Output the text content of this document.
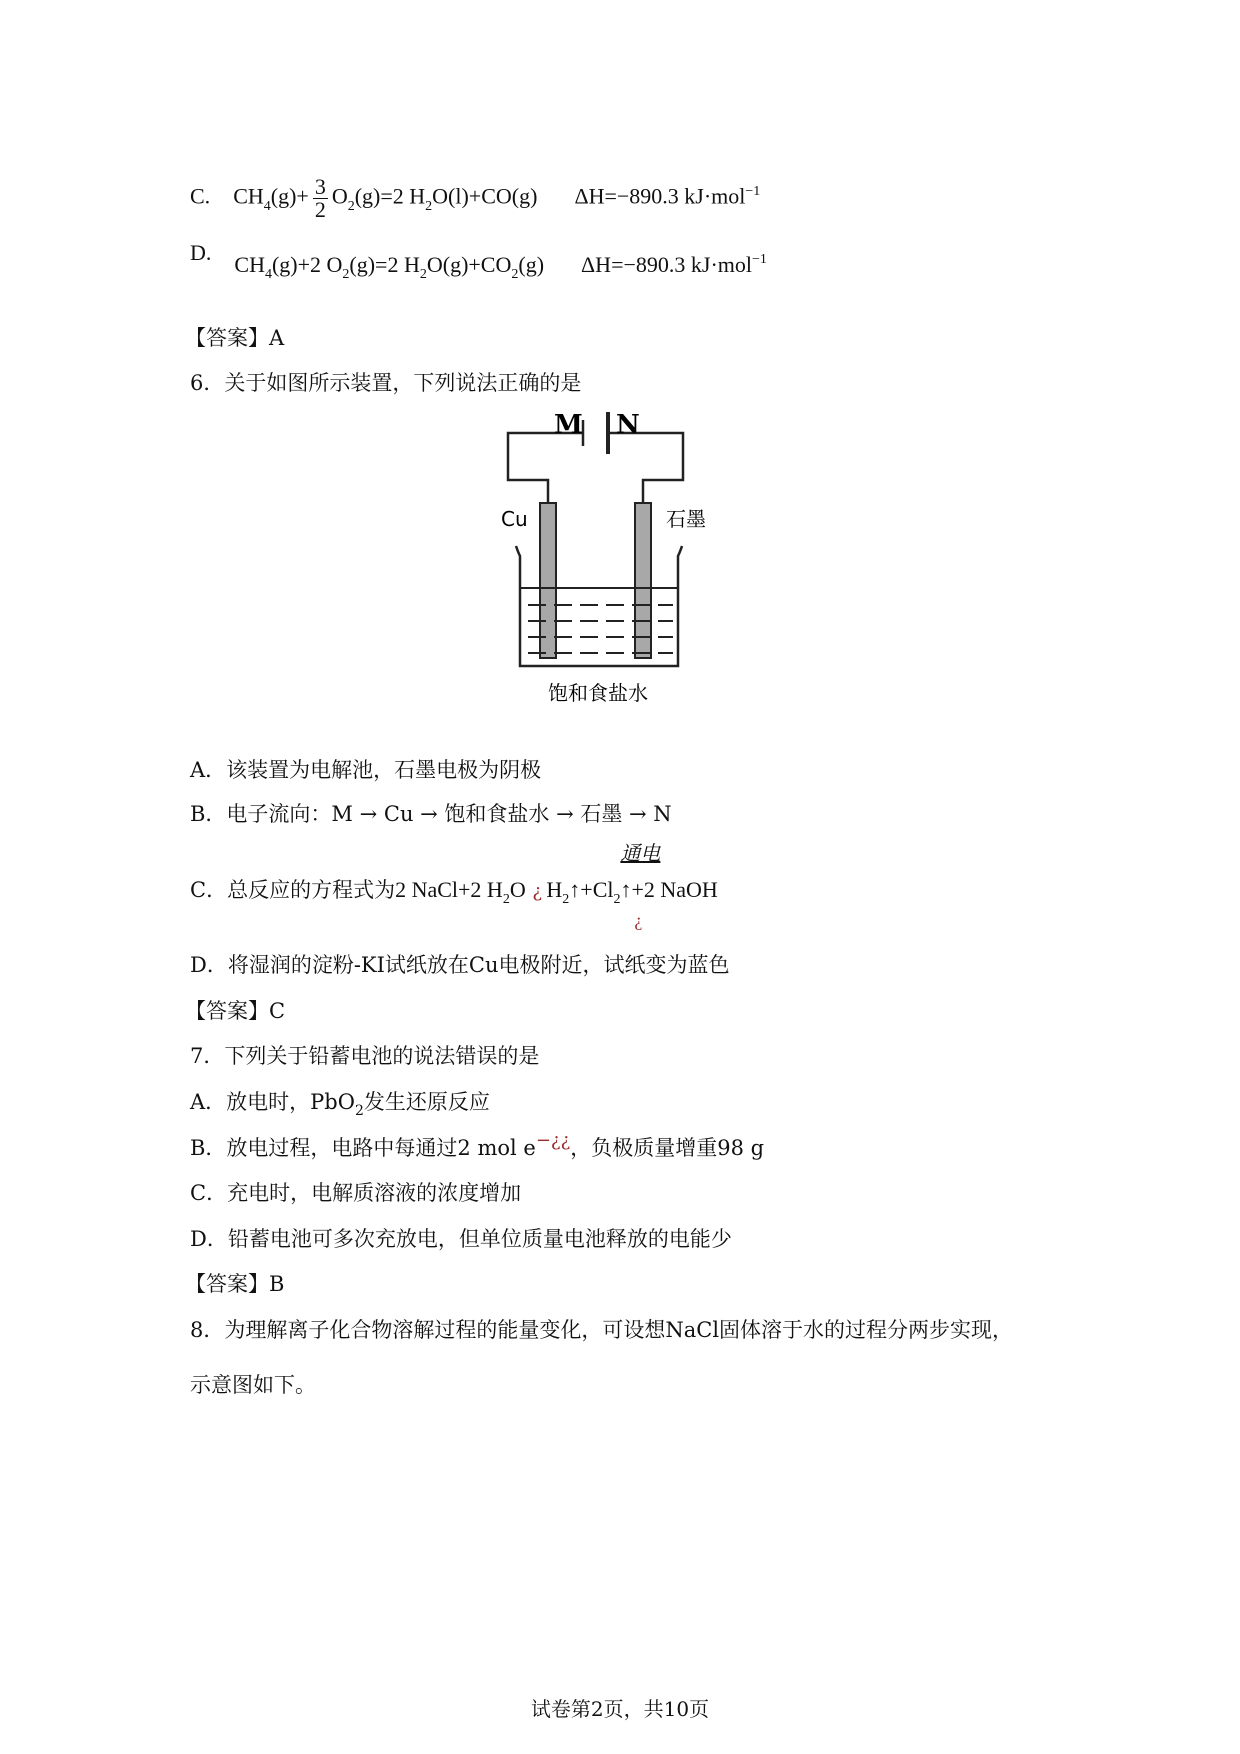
C. $CH_4(g)+ \frac{3}{2} O_2(g)=2$ $H_2O(l)+CO(g)$ ΔH=−890.3 kJ·mol$^{-1}$
D. $CH_4(g)+2$ $O_2(g)=2$ $H_2O(g)+CO_2(g)$ ΔH=−890.3 kJ·mol$^{-1}$
【答案】A
6．关于如图所示装置，下列说法正确的是
M N
Cu	石墨
饱和食盐水
A．该装置为电解池，石墨电极为阴极
B．电子流向：M → Cu → 饱和食盐水 → 石墨 → N
C．总反应的方程式为2 NaCl+2 $H_2O$ ¿ $H_2↑+Cl_2↑+2$ NaOH
通电
¿
D．将湿润的淀粉-KI试纸放在Cu电极附近，试纸变为蓝色
【答案】C
7．下列关于铅蓄电池的说法错误的是
A．放电时，PbO$_2$发生还原反应
B．放电过程，电路中每通过2 mol e−¿¿，负极质量增重98 g
C．充电时，电解质溶液的浓度增加
D．铅蓄电池可多次充放电，但单位质量电池释放的电能少
【答案】B
8．为理解离子化合物溶解过程的能量变化，可设想NaCl固体溶于水的过程分两步实现，
示意图如下。
试卷第2页，共10页
